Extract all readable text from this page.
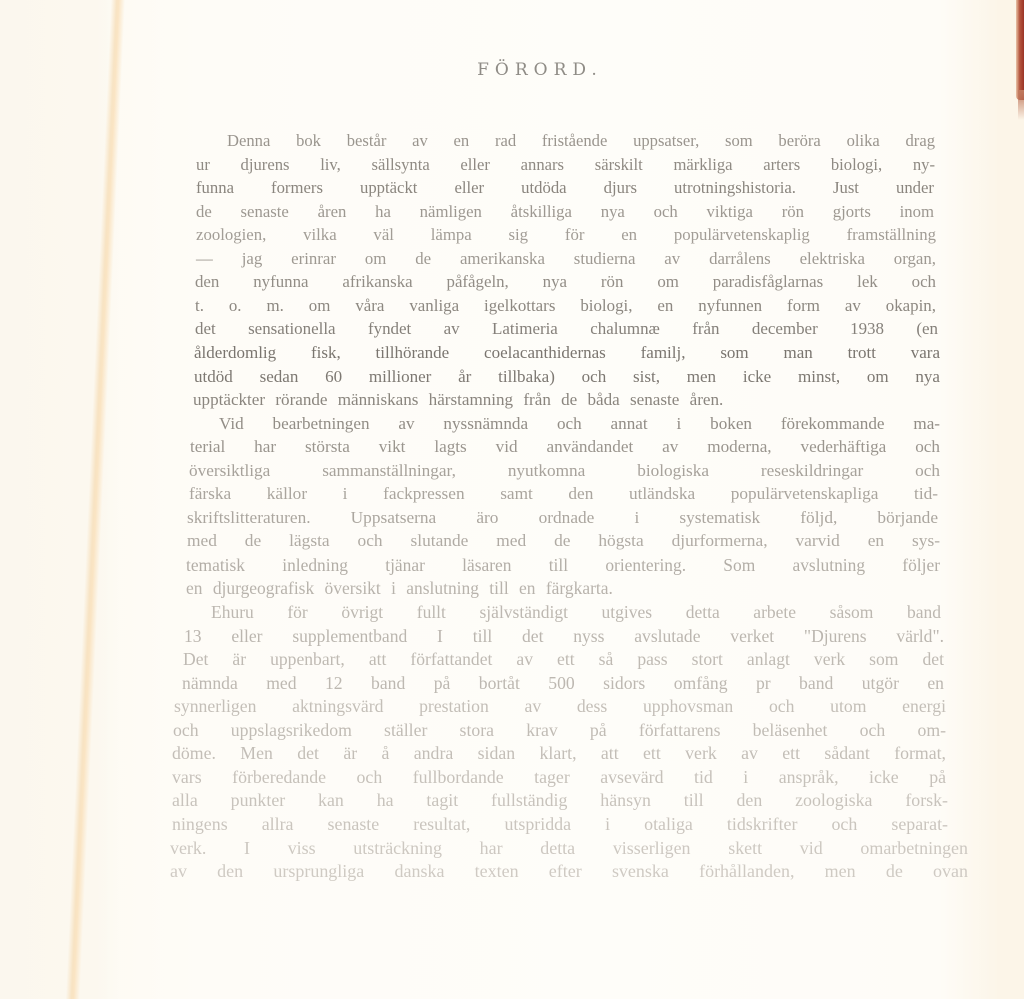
FÖRORD.
Denna bok består av en rad fristående uppsatser, som beröra olika drag
ur djurens liv, sällsynta eller annars särskilt märkliga arters biologi, ny-
funna formers upptäckt eller utdöda djurs utrotningshistoria. Just under
de senaste åren ha nämligen åtskilliga nya och viktiga rön gjorts inom
zoologien, vilka väl lämpa sig för en populärvetenskaplig framställning
— jag erinrar om de amerikanska studierna av darrålens elektriska organ,
den nyfunna afrikanska påfågeln, nya rön om paradisfåglarnas lek och
t. o. m. om våra vanliga igelkottars biologi, en nyfunnen form av okapin,
det sensationella fyndet av Latimeria chalumnæ från december 1938 (en
ålderdomlig fisk, tillhörande coelacanthidernas familj, som man trott vara
utdöd sedan 60 millioner år tillbaka) och sist, men icke minst, om nya
upptäckter rörande människans härstamning från de båda senaste åren.
Vid bearbetningen av nyssnämnda och annat i boken förekommande ma-
terial har största vikt lagts vid användandet av moderna, vederhäftiga och
översiktliga sammanställningar, nyutkomna biologiska reseskildringar och
färska källor i fackpressen samt den utländska populärvetenskapliga tid-
skriftslitteraturen. Uppsatserna äro ordnade i systematisk följd, börjande
med de lägsta och slutande med de högsta djurformerna, varvid en sys-
tematisk inledning tjänar läsaren till orientering. Som avslutning följer
en djurgeografisk översikt i anslutning till en färgkarta.
Ehuru för övrigt fullt självständigt utgives detta arbete såsom band
13 eller supplementband I till det nyss avslutade verket "Djurens värld".
Det är uppenbart, att författandet av ett så pass stort anlagt verk som det
nämnda med 12 band på bortåt 500 sidors omfång pr band utgör en
synnerligen aktningsvärd prestation av dess upphovsman och utom energi
och uppslagsrikedom ställer stora krav på författarens beläsenhet och om-
döme. Men det är å andra sidan klart, att ett verk av ett sådant format,
vars förberedande och fullbordande tager avsevärd tid i anspråk, icke på
alla punkter kan ha tagit fullständig hänsyn till den zoologiska forsk-
ningens allra senaste resultat, utspridda i otaliga tidskrifter och separat-
verk. I viss utsträckning har detta visserligen skett vid omarbetningen
av den ursprungliga danska texten efter svenska förhållanden, men de ovan
